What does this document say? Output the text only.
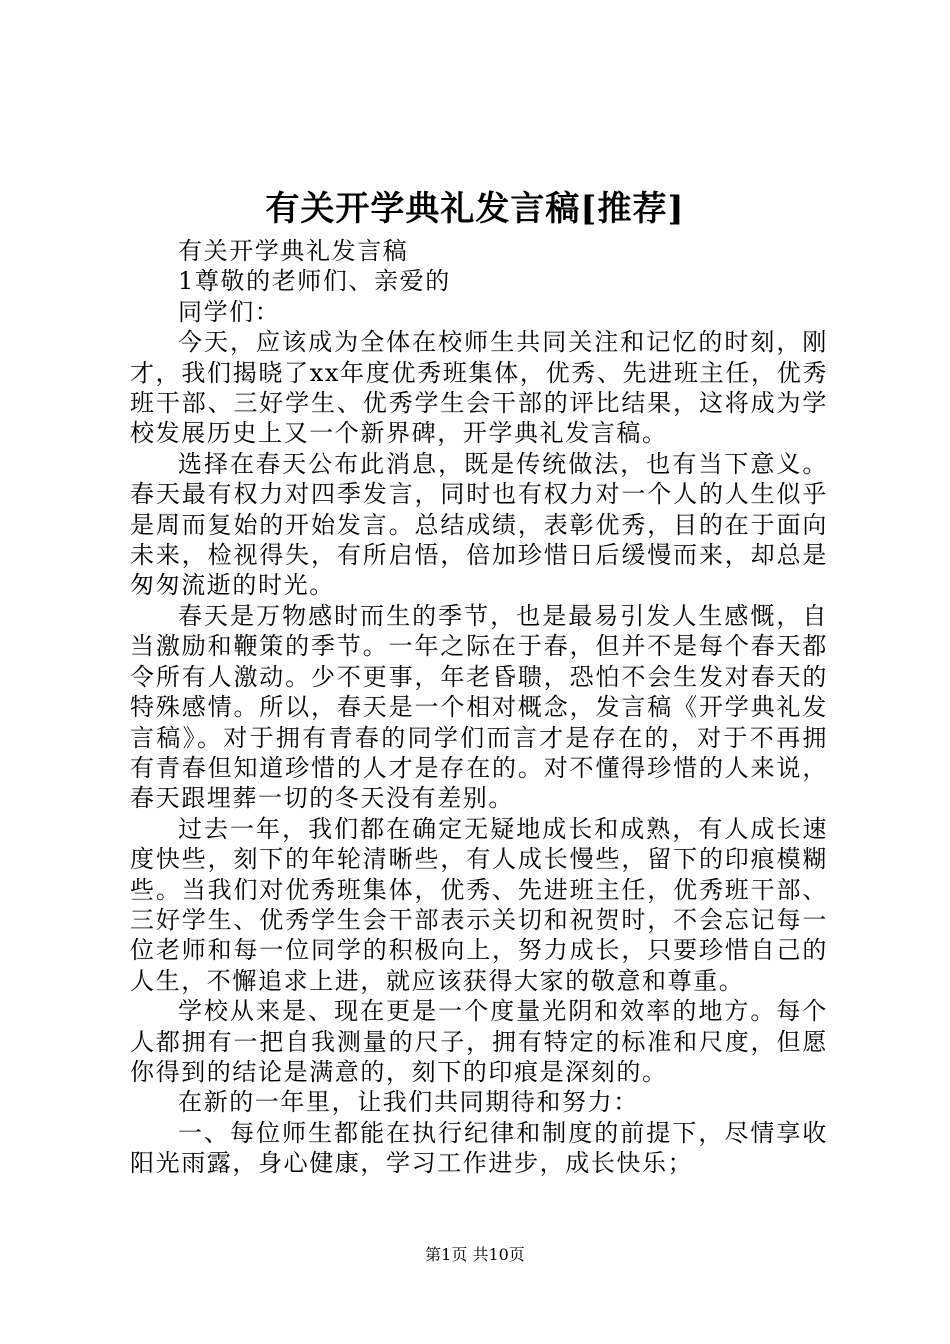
有关开学典礼发言稿[推荐]

有关开学典礼发言稿

1尊敬的老师们、亲爱的

同学们：

今天，应该成为全体在校师生共同关注和记忆的时刻，刚才，我们揭晓了xx年度优秀班集体，优秀、先进班主任，优秀班干部、三好学生、优秀学生会干部的评比结果，这将成为学校发展历史上又一个新界碑，开学典礼发言稿。

选择在春天公布此消息，既是传统做法，也有当下意义。春天最有权力对四季发言，同时也有权力对一个人的人生似乎是周而复始的开始发言。总结成绩，表彰优秀，目的在于面向未来，检视得失，有所启悟，倍加珍惜日后缓慢而来，却总是匆匆流逝的时光。

春天是万物感时而生的季节，也是最易引发人生感慨，自当激励和鞭策的季节。一年之际在于春，但并不是每个春天都令所有人激动。少不更事，年老昏聩，恐怕不会生发对春天的特殊感情。所以，春天是一个相对概念，发言稿《开学典礼发言稿》。对于拥有青春的同学们而言才是存在的，对于不再拥有青春但知道珍惜的人才是存在的。对不懂得珍惜的人来说，春天跟埋葬一切的冬天没有差别。

过去一年，我们都在确定无疑地成长和成熟，有人成长速度快些，刻下的年轮清晰些，有人成长慢些，留下的印痕模糊些。当我们对优秀班集体，优秀、先进班主任，优秀班干部、三好学生、优秀学生会干部表示关切和祝贺时，不会忘记每一位老师和每一位同学的积极向上，努力成长，只要珍惜自己的人生，不懈追求上进，就应该获得大家的敬意和尊重。

学校从来是、现在更是一个度量光阴和效率的地方。每个人都拥有一把自我测量的尺子，拥有特定的标准和尺度，但愿你得到的结论是满意的，刻下的印痕是深刻的。

在新的一年里，让我们共同期待和努力：

一、每位师生都能在执行纪律和制度的前提下，尽情享收阳光雨露，身心健康，学习工作进步，成长快乐；

第1页 共10页
